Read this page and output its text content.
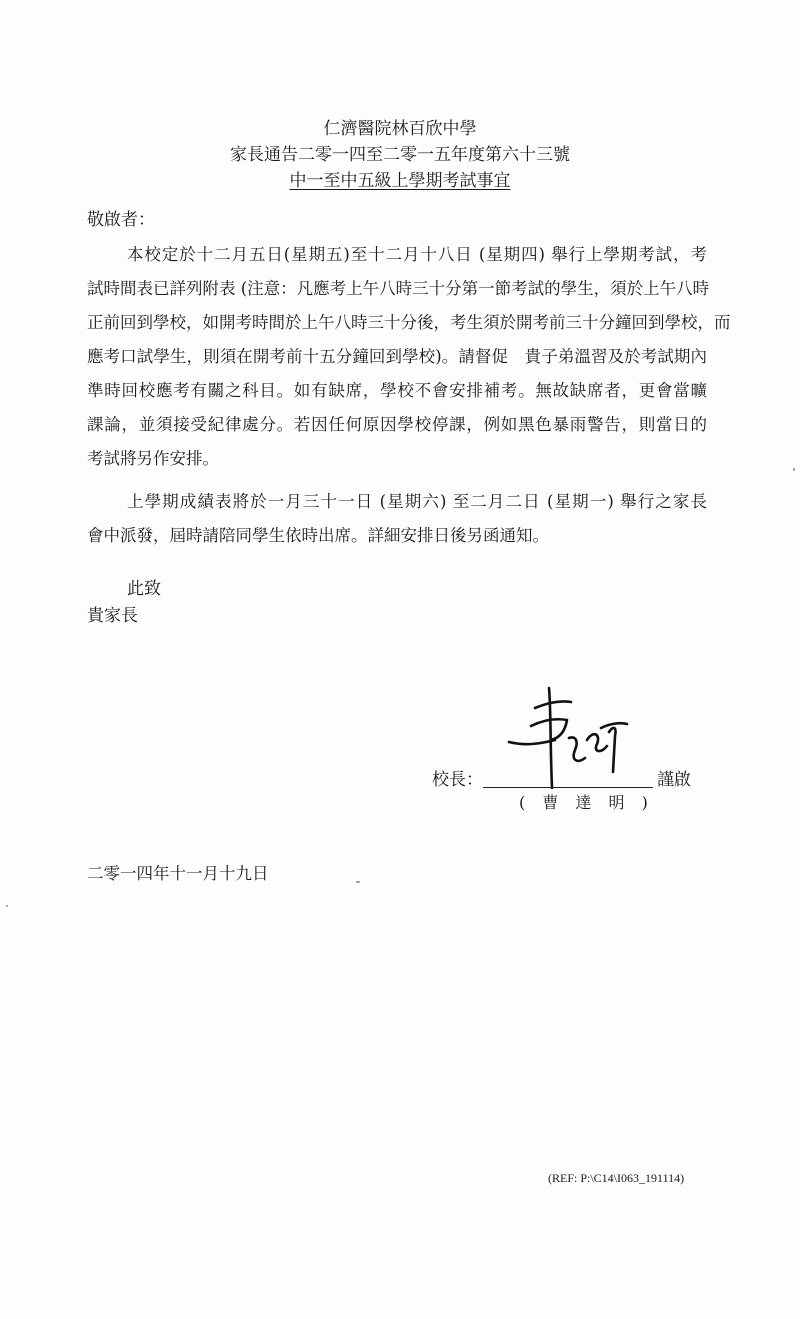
仁濟醫院林百欣中學
家長通告二零一四至二零一五年度第六十三號
中一至中五級上學期考試事宜
敬啟者：
本校定於十二月五日(星期五)至十二月十八日 (星期四) 舉行上學期考試，考
試時間表已詳列附表 (注意：凡應考上午八時三十分第一節考試的學生，須於上午八時
正前回到學校，如開考時間於上午八時三十分後，考生須於開考前三十分鐘回到學校，而
應考口試學生，則須在開考前十五分鐘回到學校)。請督促　貴子弟溫習及於考試期內
準時回校應考有關之科目。如有缺席，學校不會安排補考。無故缺席者，更會當曠
課論，並須接受紀律處分。若因任何原因學校停課，例如黑色暴雨警告，則當日的
考試將另作安排。
上學期成績表將於一月三十一日 (星期六) 至二月二日 (星期一) 舉行之家長
會中派發，屆時請陪同學生依時出席。詳細安排日後另函通知。
此致
貴家長
校長：	謹啟
( 曹 達 明 )
二零一四年十一月十九日
(REF: P:\C14\I063_191114)
